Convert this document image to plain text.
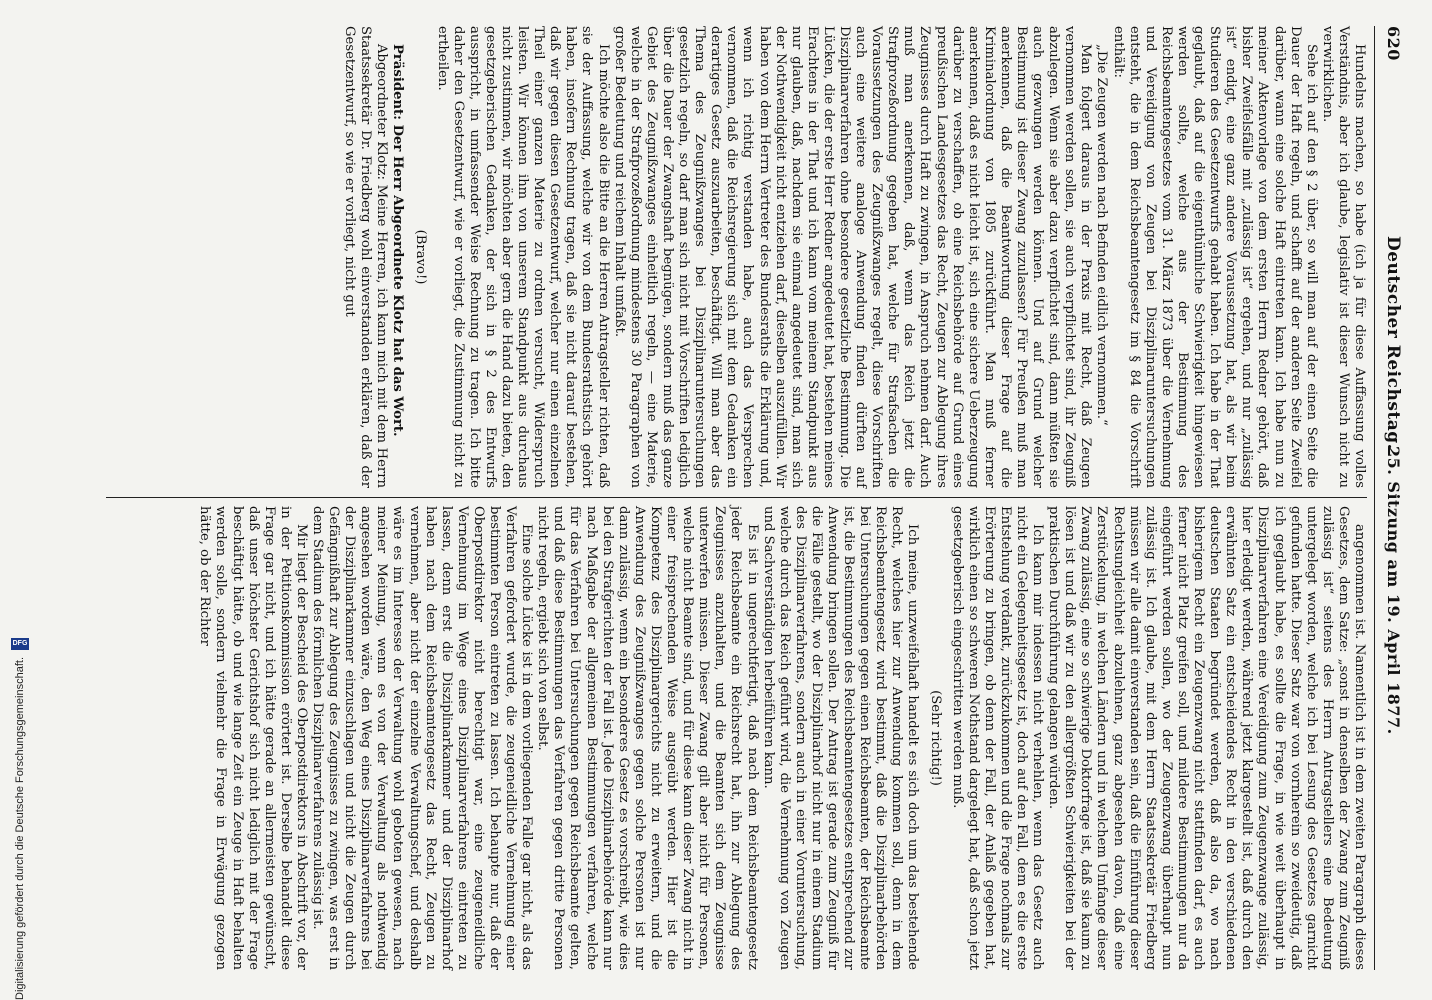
620
Deutscher Reichstag.
25. Sitzung am 19. April 1877.

Hundelns machen, so habe (ich ja für diese Auffassung volles Verständnis, aber ich glaube, legislativ ist dieser Wunsch nicht zu verwirklichen.

Sehe ich auf den § 2 über, so will man auf der einen Seite die Dauer der Haft regeln, und schafft auf der anderen Seite Zweifel darüber, wann eine solche Haft eintreten kann. Ich habe nun zu meiner Aktenvorlage von dem ersten Herrn Redner gehört, daß bisher Zweifelsfälle mit „zulässig ist“ ergehen, und nur „zulässig ist“ endigt, eine ganz andere Voraussetzung hat, als wir beim Studieren des Gesetzentwurfs gehabt haben. Ich habe in der That geglaubt, daß auf die eigenthümliche Schwierigkeit hingewiesen werden sollte, welche aus der Bestimmung des Reichsbeamtengesetzes vom 31. März 1873 über die Vernehmung und Vereidigung von Zeugen bei Disziplinaruntersuchungen entsteht, die in dem Reichsbeamtengesetz im § 84 die Vorschrift enthält:

„Die Zeugen werden nach Befinden eidlich vernommen.“

Man folgert daraus in der Praxis mit Recht, daß Zeugen vernommen werden sollen, sie auch verpflichtet sind, ihr Zeugniß abzulegen. Wenn sie aber dazu verpflichtet sind, dann müßten sie auch gezwungen werden können. Und auf Grund welcher Bestimmung ist dieser Zwang zuzulassen? Für Preußen muß man anerkennen, daß die Beantwortung dieser Frage auf die Kriminalordnung von 1805 zurückführt. Man muß ferner anerkennen, daß es nicht leicht ist, sich eine sichere Ueberzeugung darüber zu verschaffen, ob eine Reichsbehörde auf Grund eines preußischen Landesgesetzes das Recht, Zeugen zur Ablegung ihres Zeugnisses durch Haft zu zwingen, in Anspruch nehmen darf. Auch muß man anerkennen, daß, wenn das Reich jetzt die Strafprozeßordnung gegeben hat, welche für Strafsachen die Voraussetzungen des Zeugnißzwanges regelt, diese Vorschriften auch eine weitere analoge Anwendung finden dürften auf Disziplinarverfahren ohne besondere gesetzliche Bestimmung. Die Lücken, die der erste Herr Redner angedeutet hat, bestehen meines Erachtens in der That und ich kann vom meinem Standpunkt aus nur glauben, daß, nachdem sie einmal angedeutet sind, man sich der Nothwendigkeit nicht entziehen darf, dieselben auszufüllen. Wir haben von dem Herrn Vertreter des Bundesraths die Erklärung und, wenn ich richtig verstanden habe, auch das Versprechen vernommen, daß die Reichsregierung sich mit dem Gedanken ein derartiges Gesetz auszuarbeiten, beschäftigt. Will man aber das Thema des Zeugnißzwanges bei Disziplinaruntersuchungen gesetzlich regeln, so darf man sich nicht mit Vorschriften lediglich über die Dauer der Zwangshaft begnügen, sondern muß das ganze Gebiet des Zeugnißzwanges einheitlich regeln, — eine Materie, welche in der Strafprozeßordnung mindestens 30 Paragraphen von großer Bedeutung und reichem Inhalt umfaßt.

Ich möchte also die Bitte an die Herren Antragsteller richten, daß sie der Auffassung, welche wir von dem Bundesrathstisch gehört haben, insofern Rechnung tragen, daß sie nicht darauf bestehen, daß wir gegen diesen Gesetzentwurf, welcher nur einen einzelnen Theil einer ganzen Materie zu ordnen versucht, Widerspruch leisten. Wir können ihm von unserem Standpunkt aus durchaus nicht zustimmen, wir möchten aber gern die Hand dazu bieten, den gesetzgeberischen Gedanken, der sich in § 2 des Entwurfs ausspricht, in umfassender Weise Rechnung zu tragen. Ich bitte daher den Gesetzentwurf, wie er vorliegt, die Zustimmung nicht zu ertheilen.

(Bravo!)

Präsident: Der Herr Abgeordnete Klotz hat das Wort.

Abgeordneter Klotz: Meine Herren, ich kann mich mit dem Herrn Staatssekretär Dr. Friedberg wohl einverstanden erklären, daß der Gesetzentwurf, so wie er vorliegt, nicht gut

angenommen ist. Namentlich ist in dem zweiten Paragraph dieses Gesetzes, dem Satze: „sonst in denselben der Zwang zum Zeugniß zulässig ist“ seitens des Herrn Antragstellers eine Bedeutung untergelegt worden, welche ich bei Lesung des Gesetzes garnicht gefunden hatte. Dieser Satz war von vornherein so zweideutig, daß ich geglaubt habe, es sollte die Frage, in wie weit überhaupt in Disziplinarverfahren eine Vereidigung zum Zeugenzwange zulässig, hier erledigt werden, während jetzt klargestellt ist, daß durch den erwähnten Satz ein entscheidendes Recht in den verschiedenen deutschen Staaten begründet werden, daß also da, wo nach bisherigem Recht ein Zeugenzwang nicht stattfinden darf, es auch ferner nicht Platz greifen soll, und mildere Bestimmungen nur da eingeführt werden sollen, wo der Zeugenzwang überhaupt nun zulässig ist. Ich glaube, mit dem Herrn Staatssekretär Friedberg müssen wir alle damit einverstanden sein, daß die Einführung dieser Rechtsungleichheit abzulehnen, ganz abgesehen davon, daß eine Zerstückelung, in welchen Ländern und in welchem Umfange dieser Zwang zulässig, eine so schwierige Doktorfrage ist, daß sie kaum zu lösen ist und daß wir zu den allergrößten Schwierigkeiten bei der praktischen Durchführung gelangen würden.

Ich kann mir indessen nicht verhehlen, wenn das Gesetz auch nicht ein Gelegenheitsgesetz ist, doch auf den Fall, dem es die erste Entstehung verdankt, zurückzukommen und die Frage nochmals zur Erörterung zu bringen, ob denn der Fall, der Anlaß gegeben hat, wirklich einen so schweren Nothstand dargelegt hat, daß schon jetzt gesetzgeberisch eingeschritten werden muß.

(Sehr richtig!)

Ich meine, unzweifelhaft handelt es sich doch um das bestehende Recht, welches hier zur Anwendung kommen soll, denn in dem Reichsbeamtengesetz wird bestimmt, daß die Disziplinarbehörden bei Untersuchungen gegen einen Reichsbeamten, der Reichsbeamte ist, die Bestimmungen des Reichsbeamtengesetzes entsprechend zur Anwendung bringen sollen. Der Antrag ist gerade zum Zeugniß für die Fälle gestellt, wo der Disziplinarhof nicht nur in einem Stadium des Disziplinarverfahrens, sondern auch in einer Voruntersuchung, welche durch das Reich geführt wird, die Vernehmung von Zeugen und Sachverständigen herbeiführen kann.

Es ist in ungerechtfertigt, daß nach dem Reichsbeamtengesetz jeder Reichsbeamte ein Reichsrecht hat, ihn zur Ablegung des Zeugnisses anzuhalten, und die Beamten sich dem Zeugnisse unterwerfen müssen. Dieser Zwang gilt aber nicht für Personen, welche nicht Beamte sind, und für diese kann dieser Zwang nicht in einer freisprechenden Weise ausgeübt werden. Hier ist die Kompetenz des Disziplinargerichts nicht zu erweitern, und die Anwendung des Zeugnißzwanges gegen solche Personen ist nur dann zulässig, wenn ein besonderes Gesetz es vorschreibt, wie dies bei den Strafgerichten der Fall ist. Jede Disziplinarbehörde kann nur nach Maßgabe der allgemeinen Bestimmungen verfahren, welche für das Verfahren bei Untersuchungen gegen Reichsbeamte gelten, und daß diese Bestimmungen das Verfahren gegen dritte Personen nicht regeln, ergiebt sich von selbst.

Eine solche Lücke ist in dem vorliegenden Falle gar nicht, als das Verfahren gefordert wurde, die zeugeneidliche Vernehmung einer bestimmten Person eintreten zu lassen. Ich behaupte nur, daß der Oberpostdirektor nicht berechtigt war, eine zeugeneidliche Vernehmung im Wege eines Disziplinarverfahrens eintreten zu lassen, denn erst die Disziplinarkammer und der Disziplinarhof haben nach dem Reichsbeamtengesetz das Recht, Zeugen zu vernehmen, aber nicht der einzelne Verwaltungschef, und deshalb wäre es im Interesse der Verwaltung wohl geboten gewesen, nach meiner Meinung, wenn es von der Verwaltung als nothwendig angesehen worden wäre, den Weg eines Disziplinarverfahrens bei der Disziplinarkammer einzuschlagen und nicht die Zeugen durch Gefängnißhaft zur Ablegung des Zeugnisses zu zwingen, was erst in dem Stadium des förmlichen Disziplinarverfahrens zulässig ist.

Mir liegt der Bescheid des Oberpostdirektors in Abschrift vor, der in der Petitionskommission erörtert ist. Derselbe behandelt diese Frage gar nicht, und ich hätte gerade an allermeisten gewünscht, daß unser höchster Gerichtshof sich nicht lediglich mit der Frage beschäftigt hätte, ob und wie lange Zeit ein Zeuge in Haft behalten werden solle, sondern vielmehr die Frage in Erwägung gezogen hätte, ob der Richter

Digitalisierung gefördert durch die Deutsche Forschungsgemeinschaft.
DFG
